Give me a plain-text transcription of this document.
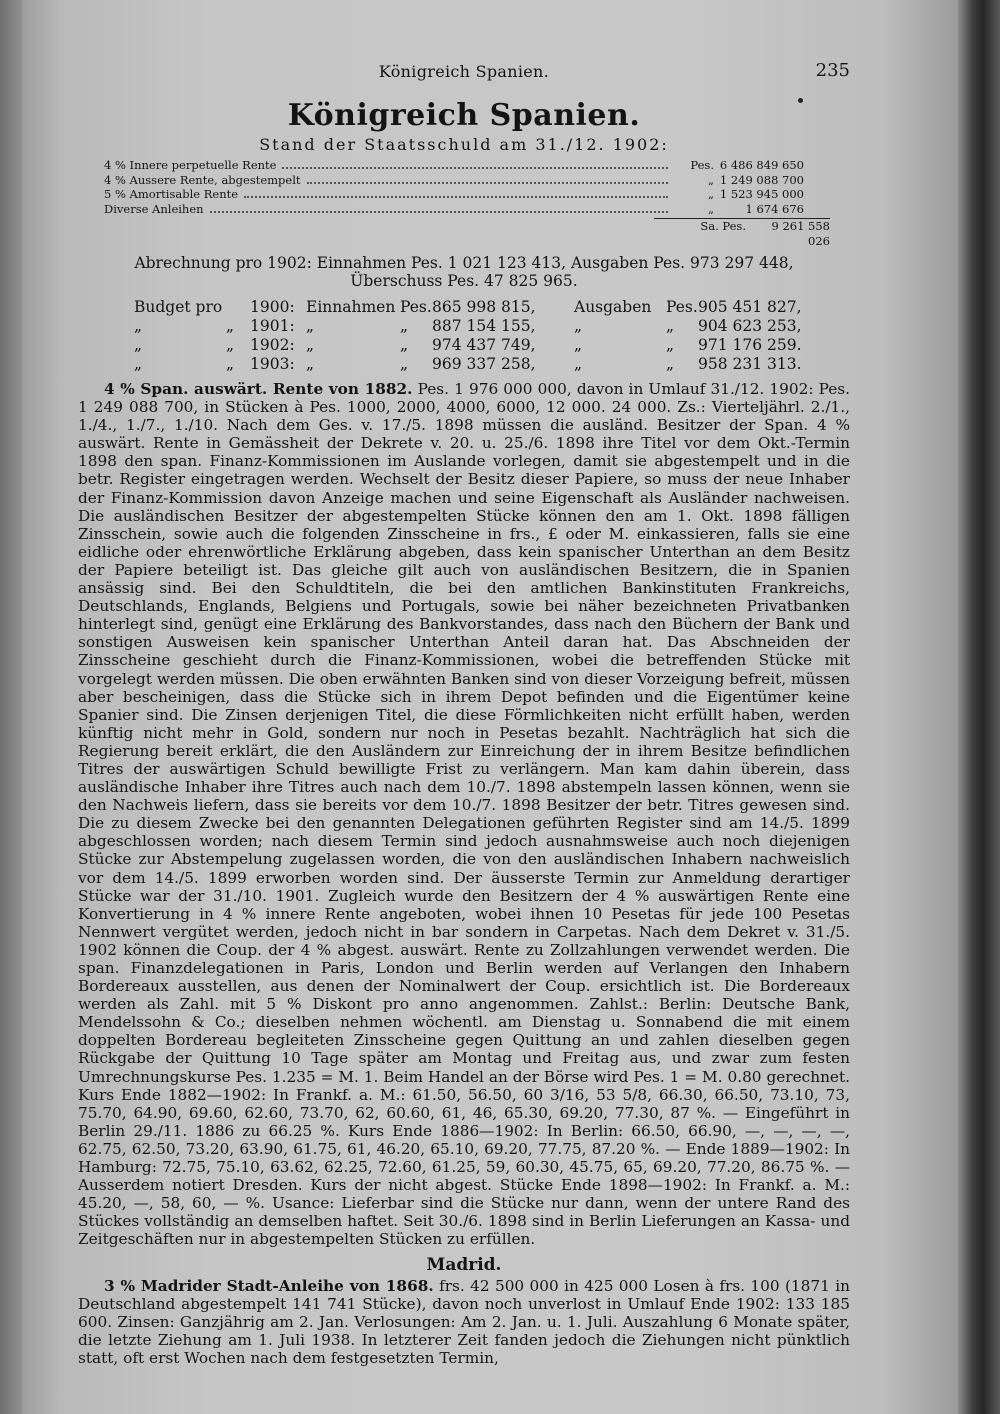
Königreich Spanien.	235
Königreich Spanien.
Stand der Staatsschuld am 31./12. 1902:
4 % Innere perpetuelle Rente	Pes. 6 486 849 650
4 % Aussere Rente, abgestempelt	„ 1 249 088 700
5 % Amortisable Rente	„ 1 523 945 000
Diverse Anleihen	„	1 674 676
Sa. Pes.	9 261 558 026
Abrechnung pro 1902: Einnahmen Pes. 1 021 123 413, Ausgaben Pes. 973 297 448,
Überschuss Pes. 47 825 965.
Budget pro 1900: Einnahmen Pes. 865 998 815,	Ausgaben Pes. 905 451 827,
„	„	1901: „	„	887 154 155,	„	„	904 623 253,
„	„	1902: „	„	974 437 749,	„	„	971 176 259.
„	„	1903: „	„	969 337 258,	„	„	958 231 313.

4 % Span. auswärt. Rente von 1882. Pes. 1 976 000 000, davon in Umlauf 31./12. 1902: Pes. 1 249 088 700, in Stücken à Pes. 1000, 2000, 4000, 6000, 12 000. 24 000. Zs.: Vierteljährl. 2./1., 1./4., 1./7., 1./10. Nach dem Ges. v. 17./5. 1898 müssen die ausländ. Besitzer der Span. 4 % auswärt. Rente in Gemässheit der Dekrete v. 20. u. 25./6. 1898 ihre Titel vor dem Okt.-Termin 1898 den span. Finanz-Kommissionen im Auslande vorlegen, damit sie abgestempelt und in die betr. Register eingetragen werden. Wechselt der Besitz dieser Papiere, so muss der neue Inhaber der Finanz-Kommission davon Anzeige machen und seine Eigenschaft als Ausländer nachweisen. Die ausländischen Besitzer der abgestempelten Stücke können den am 1. Okt. 1898 fälligen Zinsschein, sowie auch die folgenden Zinsscheine in frs., £ oder M. einkassieren, falls sie eine eidliche oder ehrenwörtliche Erklärung abgeben, dass kein spanischer Unterthan an dem Besitz der Papiere beteiligt ist. Das gleiche gilt auch von ausländischen Besitzern, die in Spanien ansässig sind. Bei den Schuldtiteln, die bei den amtlichen Bankinstituten Frankreichs, Deutschlands, Englands, Belgiens und Portugals, sowie bei näher bezeichneten Privatbanken hinterlegt sind, genügt eine Erklärung des Bankvorstandes, dass nach den Büchern der Bank und sonstigen Ausweisen kein spanischer Unterthan Anteil daran hat. Das Abschneiden der Zinsscheine geschieht durch die Finanz-Kommissionen, wobei die betreffenden Stücke mit vorgelegt werden müssen. Die oben erwähnten Banken sind von dieser Vorzeigung befreit, müssen aber bescheinigen, dass die Stücke sich in ihrem Depot befinden und die Eigentümer keine Spanier sind. Die Zinsen derjenigen Titel, die diese Förmlichkeiten nicht erfüllt haben, werden künftig nicht mehr in Gold, sondern nur noch in Pesetas bezahlt. Nachträglich hat sich die Regierung bereit erklärt, die den Ausländern zur Einreichung der in ihrem Besitze befindlichen Titres der auswärtigen Schuld bewilligte Frist zu verlängern. Man kam dahin überein, dass ausländische Inhaber ihre Titres auch nach dem 10./7. 1898 abstempeln lassen können, wenn sie den Nachweis liefern, dass sie bereits vor dem 10./7. 1898 Besitzer der betr. Titres gewesen sind. Die zu diesem Zwecke bei den genannten Delegationen geführten Register sind am 14./5. 1899 abgeschlossen worden; nach diesem Termin sind jedoch ausnahmsweise auch noch diejenigen Stücke zur Abstempelung zugelassen worden, die von den ausländischen Inhabern nachweislich vor dem 14./5. 1899 erworben worden sind. Der äusserste Termin zur Anmeldung derartiger Stücke war der 31./10. 1901. Zugleich wurde den Besitzern der 4 % auswärtigen Rente eine Konvertierung in 4 % innere Rente angeboten, wobei ihnen 10 Pesetas für jede 100 Pesetas Nennwert vergütet werden, jedoch nicht in bar sondern in Carpetas. Nach dem Dekret v. 31./5. 1902 können die Coup. der 4 % abgest. auswärt. Rente zu Zollzahlungen verwendet werden. Die span. Finanzdelegationen in Paris, London und Berlin werden auf Verlangen den Inhabern Bordereaux ausstellen, aus denen der Nominalwert der Coup. ersichtlich ist. Die Bordereaux werden als Zahl. mit 5 % Diskont pro anno angenommen. Zahlst.: Berlin: Deutsche Bank, Mendelssohn & Co.; dieselben nehmen wöchentl. am Dienstag u. Sonnabend die mit einem doppelten Bordereau begleiteten Zinsscheine gegen Quittung an und zahlen dieselben gegen Rückgabe der Quittung 10 Tage später am Montag und Freitag aus, und zwar zum festen Umrechnungskurse Pes. 1.235 = M. 1. Beim Handel an der Börse wird Pes. 1 = M. 0.80 gerechnet. Kurs Ende 1882—1902: In Frankf. a. M.: 61.50, 56.50, 60 3/16, 53 5/8, 66.30, 66.50, 73.10, 73, 75.70, 64.90, 69.60, 62.60, 73.70, 62, 60.60, 61, 46, 65.30, 69.20, 77.30, 87 %. — Eingeführt in Berlin 29./11. 1886 zu 66.25 %. Kurs Ende 1886—1902: In Berlin: 66.50, 66.90, —, —, —, —, 62.75, 62.50, 73.20, 63.90, 61.75, 61, 46.20, 65.10, 69.20, 77.75, 87.20 %. — Ende 1889—1902: In Hamburg: 72.75, 75.10, 63.62, 62.25, 72.60, 61.25, 59, 60.30, 45.75, 65, 69.20, 77.20, 86.75 %. — Ausserdem notiert Dresden. Kurs der nicht abgest. Stücke Ende 1898—1902: In Frankf. a. M.: 45.20, —, 58, 60, — %. Usance: Lieferbar sind die Stücke nur dann, wenn der untere Rand des Stückes vollständig an demselben haftet. Seit 30./6. 1898 sind in Berlin Lieferungen an Kassa- und Zeitgeschäften nur in abgestempelten Stücken zu erfüllen.

Madrid.

3 % Madrider Stadt-Anleihe von 1868. frs. 42 500 000 in 425 000 Losen à frs. 100 (1871 in Deutschland abgestempelt 141 741 Stücke), davon noch unverlost in Umlauf Ende 1902: 133 185 600. Zinsen: Ganzjährig am 2. Jan. Verlosungen: Am 2. Jan. u. 1. Juli. Auszahlung 6 Monate später, die letzte Ziehung am 1. Juli 1938. In letzterer Zeit fanden jedoch die Ziehungen nicht pünktlich statt, oft erst Wochen nach dem festgesetzten Termin,
